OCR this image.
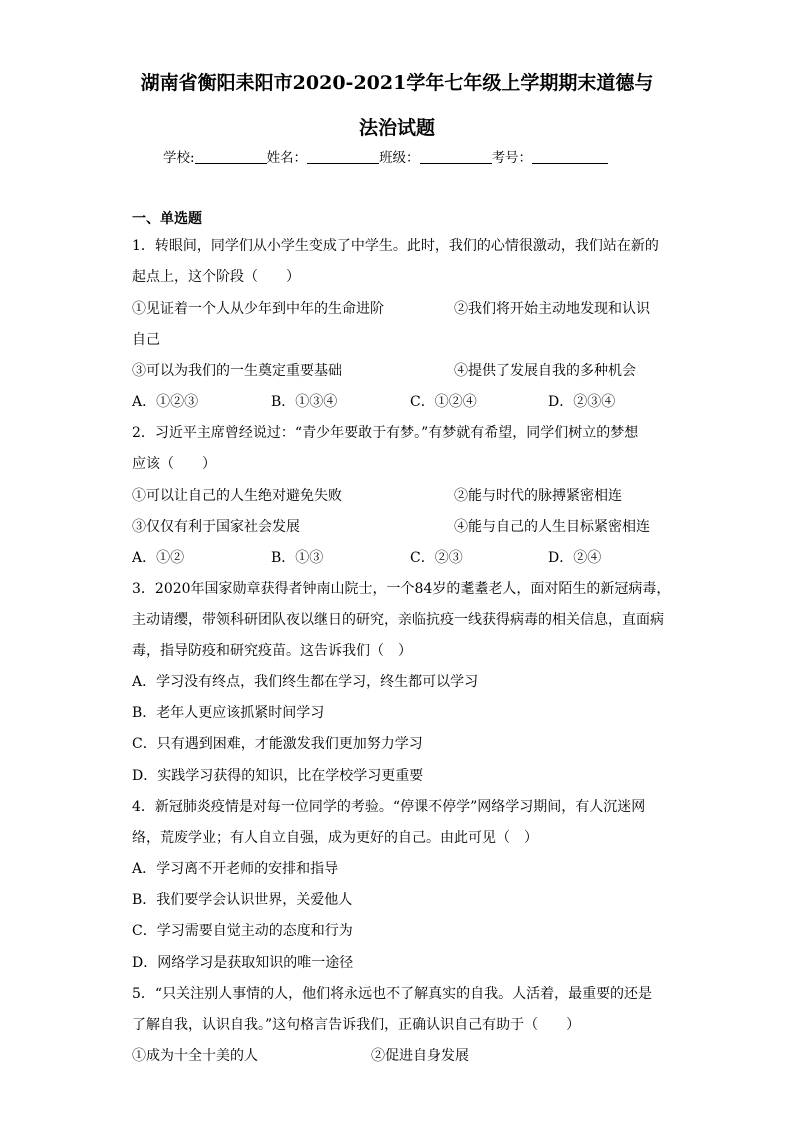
湖南省衡阳耒阳市2020-2021学年七年级上学期期末道德与
法治试题
学校:	姓名：	班级：	考号：
一、单选题
1．转眼间，同学们从小学生变成了中学生。此时，我们的心情很激动，我们站在新的
起点上，这个阶段（　　）
①见证着一个人从少年到中年的生命进阶	②我们将开始主动地发现和认识
自己
③可以为我们的一生奠定重要基础	④提供了发展自我的多种机会
A．①②③	B．①③④	C．①②④	D．②③④
2．习近平主席曾经说过：“青少年要敢于有梦。”有梦就有希望，同学们树立的梦想
应该（　　）
①可以让自己的人生绝对避免失败	②能与时代的脉搏紧密相连
③仅仅有利于国家社会发展	④能与自己的人生目标紧密相连
A．①②	B．①③	C．②③	D．②④
3．2020年国家勋章获得者钟南山院士，一个84岁的耄耋老人，面对陌生的新冠病毒，
主动请缨，带领科研团队夜以继日的研究，亲临抗疫一线获得病毒的相关信息，直面病
毒，指导防疫和研究疫苗。这告诉我们（　）
A．学习没有终点，我们终生都在学习，终生都可以学习
B．老年人更应该抓紧时间学习
C．只有遇到困难，才能激发我们更加努力学习
D．实践学习获得的知识，比在学校学习更重要
4．新冠肺炎疫情是对每一位同学的考验。“停课不停学”网络学习期间，有人沉迷网
络，荒废学业；有人自立自强，成为更好的自己。由此可见（　）
A．学习离不开老师的安排和指导
B．我们要学会认识世界，关爱他人
C．学习需要自觉主动的态度和行为
D．网络学习是获取知识的唯一途径
5．“只关注别人事情的人，他们将永远也不了解真实的自我。人活着，最重要的还是
了解自我，认识自我。”这句格言告诉我们，正确认识自己有助于（　　）
①成为十全十美的人	②促进自身发展
